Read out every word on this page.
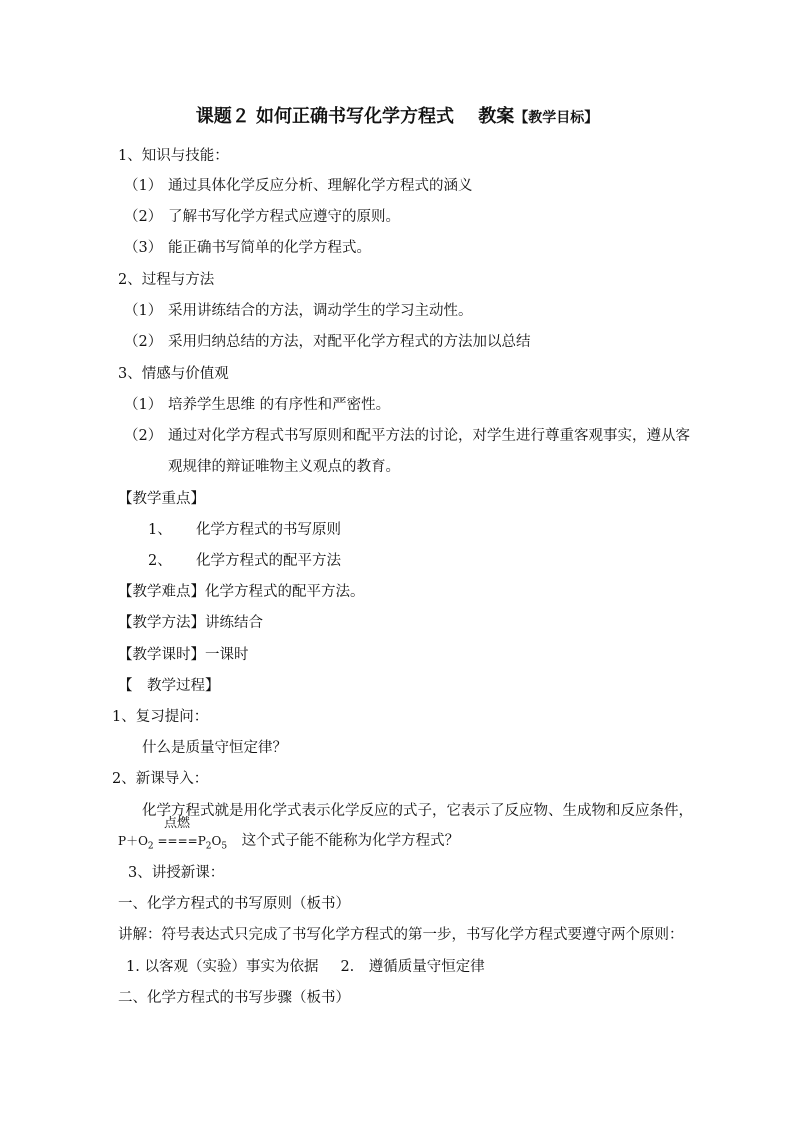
课题２ 如何正确书写化学方程式　 教案【教学目标】
1、知识与技能：
（1） 通过具体化学反应分析、理解化学方程式的涵义
（2） 了解书写化学方程式应遵守的原则。
（3） 能正确书写简单的化学方程式。
2、过程与方法
（1） 采用讲练结合的方法，调动学生的学习主动性。
（2） 采用归纳总结的方法，对配平化学方程式的方法加以总结
3、情感与价值观
（1） 培养学生思维 的有序性和严密性。
（2） 通过对化学方程式书写原则和配平方法的讨论，对学生进行尊重客观事实，遵从客
观规律的辩证唯物主义观点的教育。
【教学重点】
1、 化学方程式的书写原则
2、 化学方程式的配平方法
【教学难点】化学方程式的配平方法。
【教学方法】讲练结合
【教学课时】一课时
【　教学过程】
1、复习提问：
什么是质量守恒定律？
2、新课导入：
化学方程式就是用化学式表示化学反应的式子，它表示了反应物、生成物和反应条件，
点燃
$P+O_2 ====P_2O_5$　这个式子能不能称为化学方程式？
3、讲授新课：
一、化学方程式的书写原则（板书）
讲解：符号表达式只完成了书写化学方程式的第一步，书写化学方程式要遵守两个原则：
1. 以客观（实验）事实为依据 2.　遵循质量守恒定律
二、化学方程式的书写步骤（板书）
